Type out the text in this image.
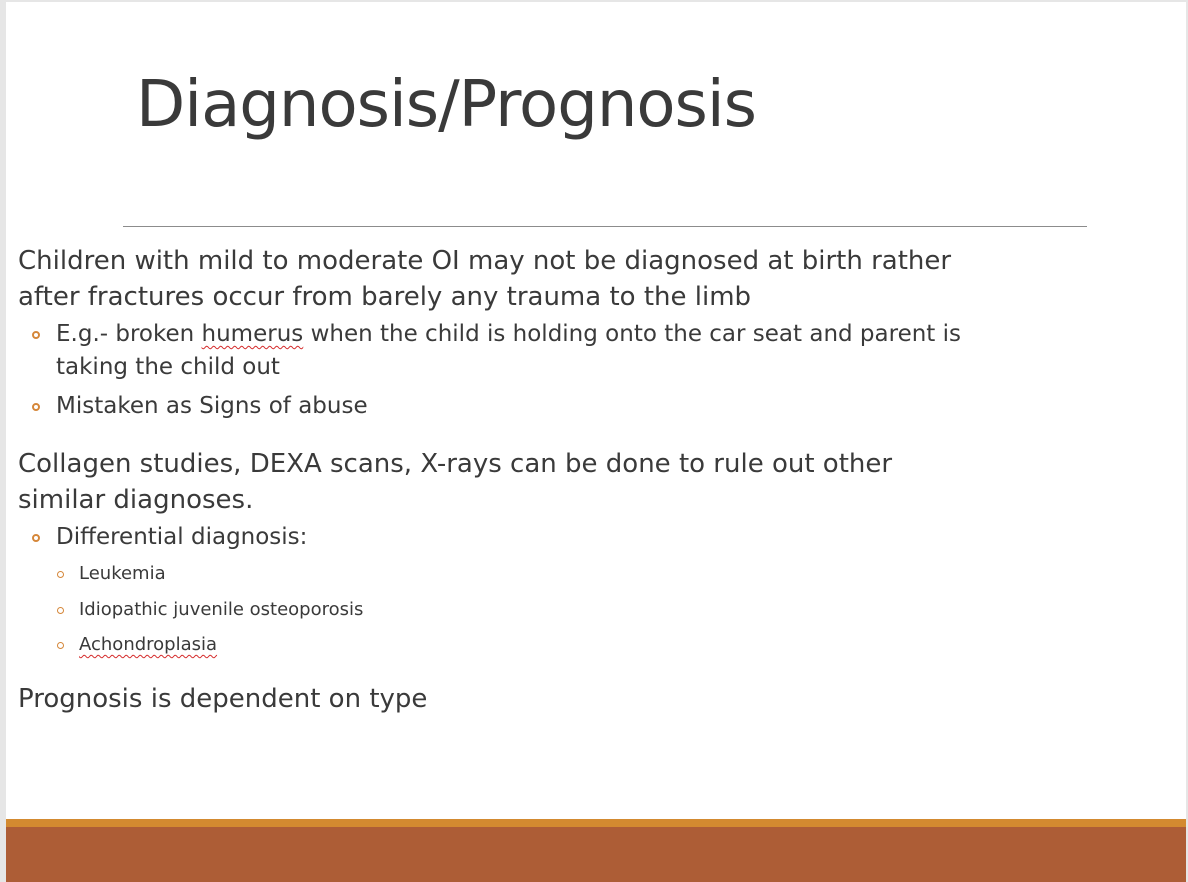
Diagnosis/Prognosis

Children with mild to moderate OI may not be diagnosed at birth rather after fractures occur from barely any trauma to the limb

E.g.- broken humerus when the child is holding onto the car seat and parent is taking the child out
Mistaken as Signs of abuse

Collagen studies, DEXA scans, X-rays can be done to rule out other similar diagnoses.

Differential diagnosis:
Leukemia
Idiopathic juvenile osteoporosis
Achondroplasia

Prognosis is dependent on type
